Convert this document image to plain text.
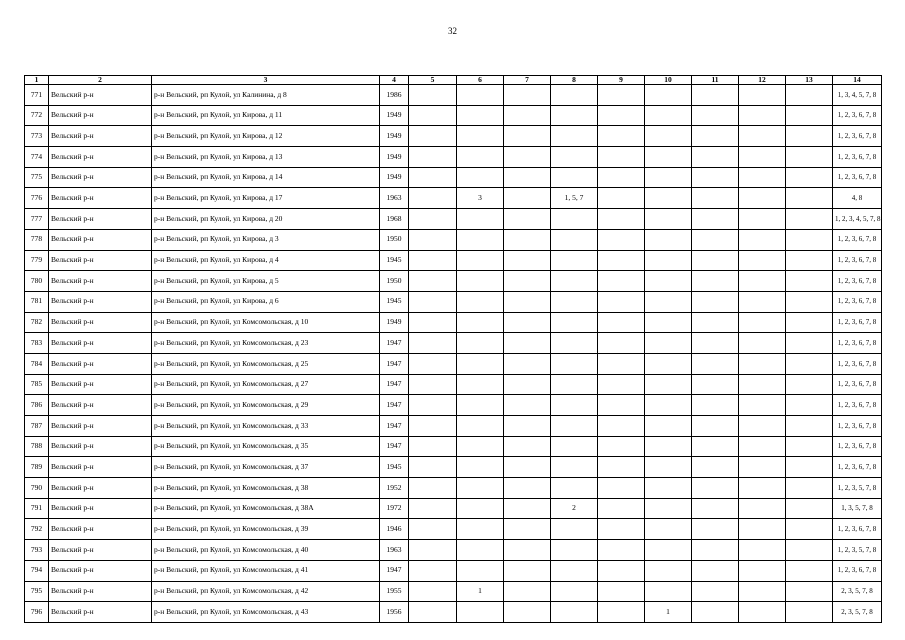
32
1	2	3	4	5	6	7	8	9	10	11	12	13	14
771	Вельский р-н	р-н Вельский, рп Кулой, ул Калинина, д 8	1986										1, 3, 4, 5, 7, 8
772	Вельский р-н	р-н Вельский, рп Кулой, ул Кирова, д 11	1949										1, 2, 3, 6, 7, 8
773	Вельский р-н	р-н Вельский, рп Кулой, ул Кирова, д 12	1949										1, 2, 3, 6, 7, 8
774	Вельский р-н	р-н Вельский, рп Кулой, ул Кирова, д 13	1949										1, 2, 3, 6, 7, 8
775	Вельский р-н	р-н Вельский, рп Кулой, ул Кирова, д 14	1949										1, 2, 3, 6, 7, 8
776	Вельский р-н	р-н Вельский, рп Кулой, ул Кирова, д 17	1963		3		1, 5, 7						4, 8
777	Вельский р-н	р-н Вельский, рп Кулой, ул Кирова, д 20	1968										1, 2, 3, 4, 5, 7, 8
778	Вельский р-н	р-н Вельский, рп Кулой, ул Кирова, д 3	1950										1, 2, 3, 6, 7, 8
779	Вельский р-н	р-н Вельский, рп Кулой, ул Кирова, д 4	1945										1, 2, 3, 6, 7, 8
780	Вельский р-н	р-н Вельский, рп Кулой, ул Кирова, д 5	1950										1, 2, 3, 6, 7, 8
781	Вельский р-н	р-н Вельский, рп Кулой, ул Кирова, д 6	1945										1, 2, 3, 6, 7, 8
782	Вельский р-н	р-н Вельский, рп Кулой, ул Комсомольская, д 10	1949										1, 2, 3, 6, 7, 8
783	Вельский р-н	р-н Вельский, рп Кулой, ул Комсомольская, д 23	1947										1, 2, 3, 6, 7, 8
784	Вельский р-н	р-н Вельский, рп Кулой, ул Комсомольская, д 25	1947										1, 2, 3, 6, 7, 8
785	Вельский р-н	р-н Вельский, рп Кулой, ул Комсомольская, д 27	1947										1, 2, 3, 6, 7, 8
786	Вельский р-н	р-н Вельский, рп Кулой, ул Комсомольская, д 29	1947										1, 2, 3, 6, 7, 8
787	Вельский р-н	р-н Вельский, рп Кулой, ул Комсомольская, д 33	1947										1, 2, 3, 6, 7, 8
788	Вельский р-н	р-н Вельский, рп Кулой, ул Комсомольская, д 35	1947										1, 2, 3, 6, 7, 8
789	Вельский р-н	р-н Вельский, рп Кулой, ул Комсомольская, д 37	1945										1, 2, 3, 6, 7, 8
790	Вельский р-н	р-н Вельский, рп Кулой, ул Комсомольская, д 38	1952										1, 2, 3, 5, 7, 8
791	Вельский р-н	р-н Вельский, рп Кулой, ул Комсомольская, д 38А	1972				2						1, 3, 5, 7, 8
792	Вельский р-н	р-н Вельский, рп Кулой, ул Комсомольская, д 39	1946										1, 2, 3, 6, 7, 8
793	Вельский р-н	р-н Вельский, рп Кулой, ул Комсомольская, д 40	1963										1, 2, 3, 5, 7, 8
794	Вельский р-н	р-н Вельский, рп Кулой, ул Комсомольская, д 41	1947										1, 2, 3, 6, 7, 8
795	Вельский р-н	р-н Вельский, рп Кулой, ул Комсомольская, д 42	1955		1								2, 3, 5, 7, 8
796	Вельский р-н	р-н Вельский, рп Кулой, ул Комсомольская, д 43	1956						1				2, 3, 5, 7, 8
